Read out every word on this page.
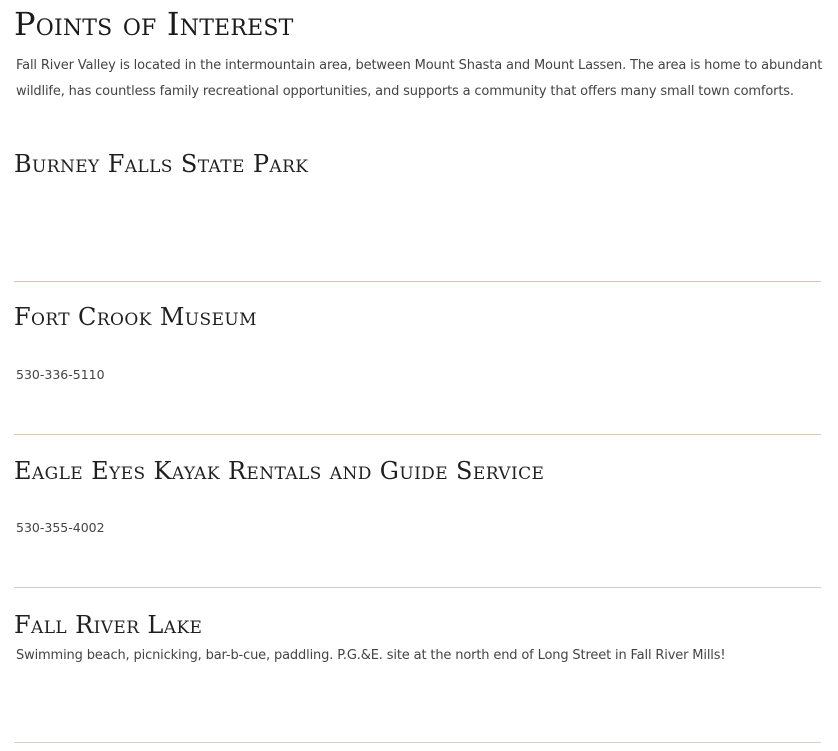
Points of Interest

Fall River Valley is located in the intermountain area, between Mount Shasta and Mount Lassen. The area is home to abundant wildlife, has countless family recreational opportunities, and supports a community that offers many small town comforts.

Burney Falls State Park
Fort Crook Museum

530-336-5110

Eagle Eyes Kayak Rentals and Guide Service

530-355-4002

Fall River Lake

Swimming beach, picnicking, bar-b-cue, paddling. P.G.&E. site at the north end of Long Street in Fall River Mills!
